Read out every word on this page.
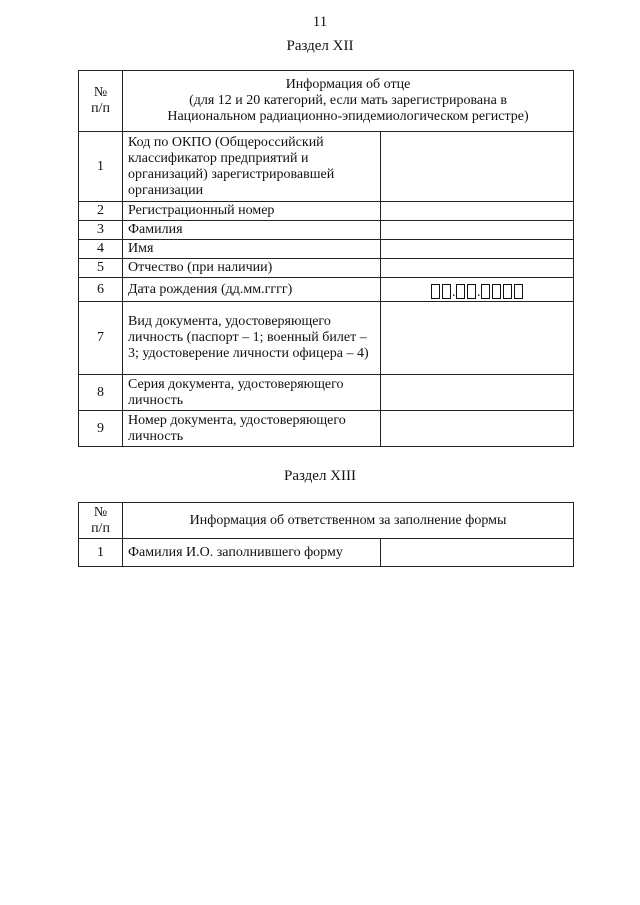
11
Раздел XII
№
п/п	Информация об отце
(для 12 и 20 категорий, если мать зарегистрирована в
Национальном радиационно-эпидемиологическом регистре)	
1	Код по ОКПО (Общероссийский классификатор предприятий и организаций) зарегистрировавшей организации	
2	Регистрационный номер	
3	Фамилия	
4	Имя	
5	Отчество (при наличии)	
6	Дата рождения (дд.мм.гггг)	. .

7	Вид документа, удостоверяющего личность (паспорт – 1; военный билет – 3; удостоверение личности офицера – 4)	
8	Серия документа, удостоверяющего личность	
9	Номер документа, удостоверяющего личность	
Раздел XIII
№
п/п	Информация об ответственном за заполнение формы	
1	Фамилия И.О. заполнившего форму	
